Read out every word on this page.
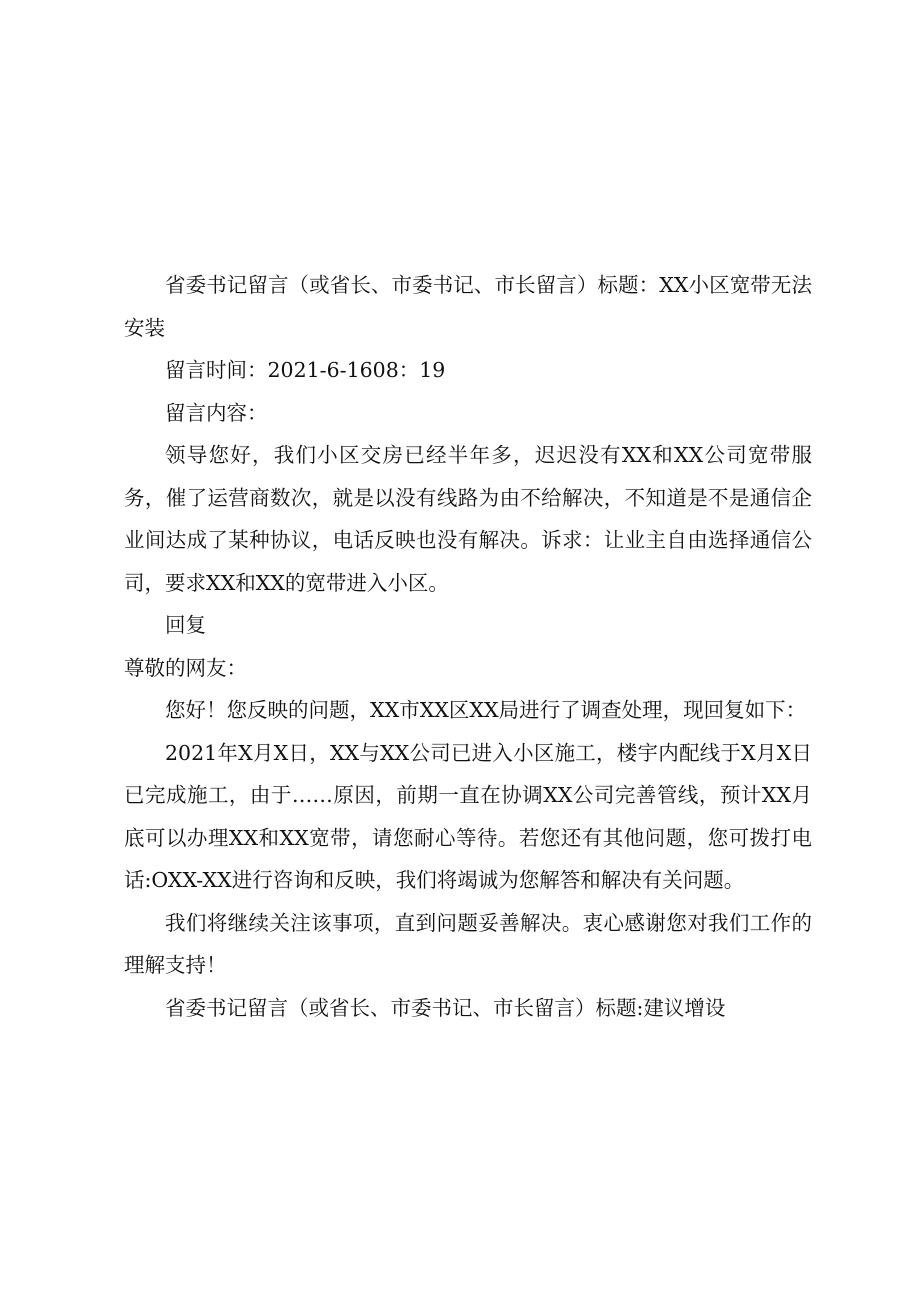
省委书记留言（或省长、市委书记、市长留言）标题：XX小区宽带无法安装

留言时间：2021-6-1608：19

留言内容：

领导您好，我们小区交房已经半年多，迟迟没有XX和XX公司宽带服务，催了运营商数次，就是以没有线路为由不给解决，不知道是不是通信企业间达成了某种协议，电话反映也没有解决。诉求：让业主自由选择通信公司，要求XX和XX的宽带进入小区。

回复

尊敬的网友：

您好！您反映的问题，XX市XX区XX局进行了调查处理，现回复如下：

2021年X月X日，XX与XX公司已进入小区施工，楼宇内配线于X月X日已完成施工，由于……原因，前期一直在协调XX公司完善管线，预计XX月底可以办理XX和XX宽带，请您耐心等待。若您还有其他问题，您可拨打电话:OXX-XX进行咨询和反映，我们将竭诚为您解答和解决有关问题。

我们将继续关注该事项，直到问题妥善解决。衷心感谢您对我们工作的理解支持！

省委书记留言（或省长、市委书记、市长留言）标题:建议增设
